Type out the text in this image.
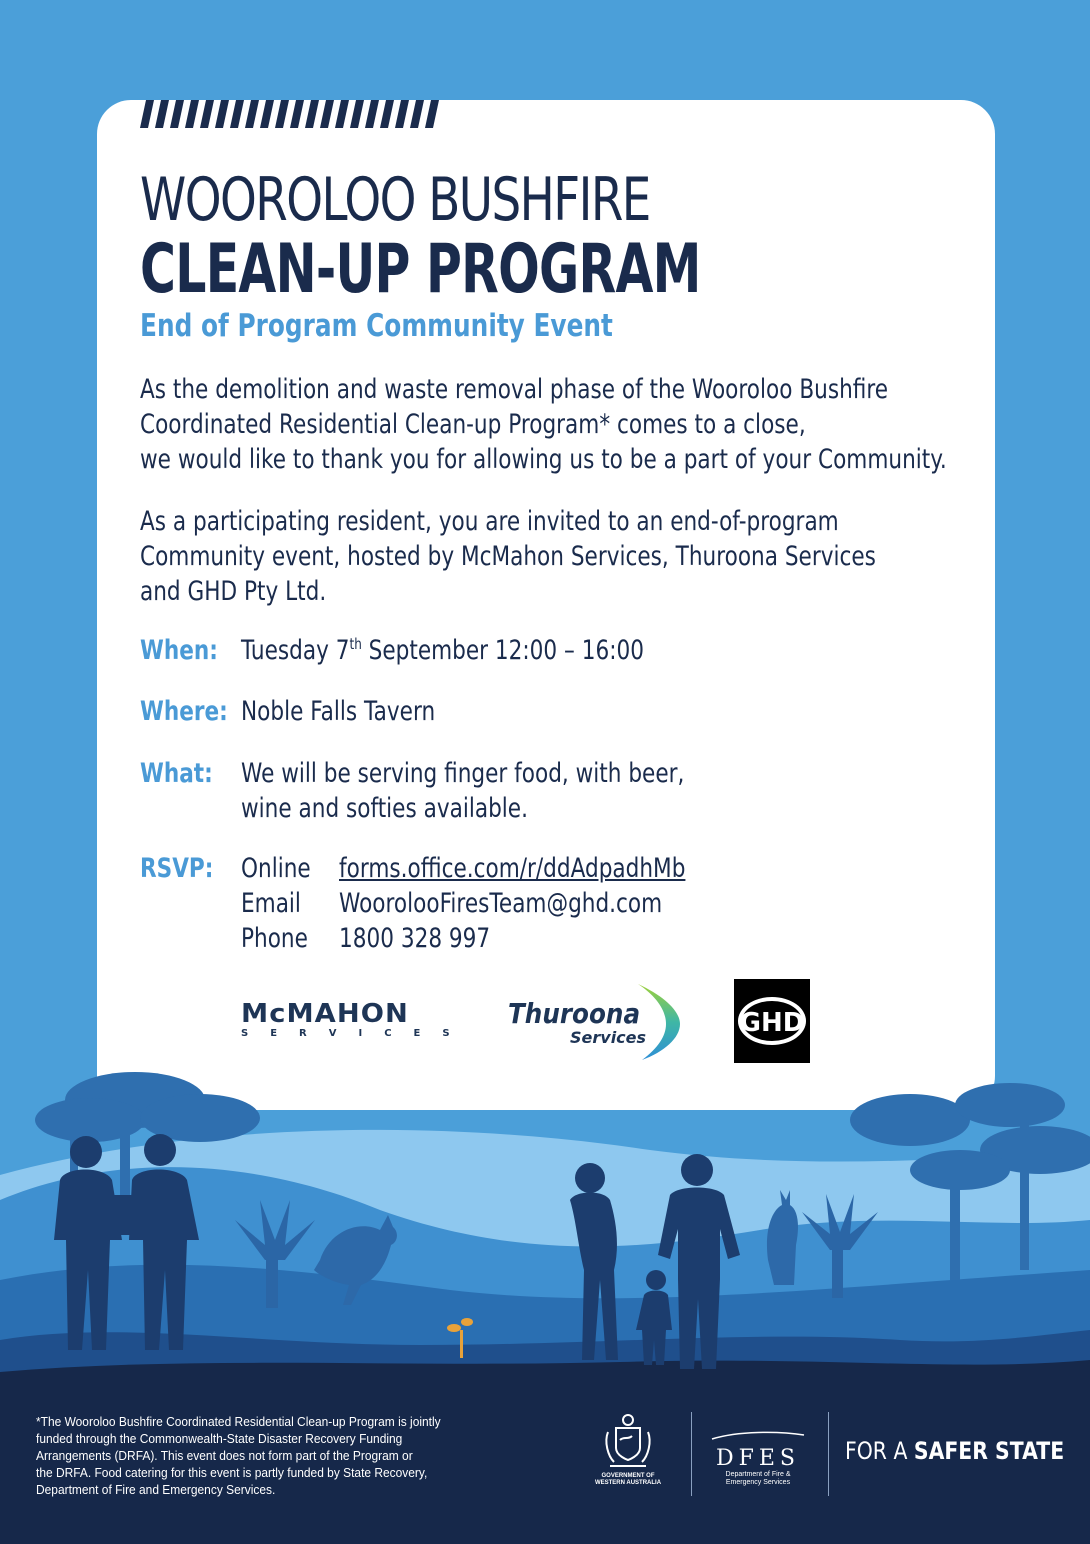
WOOROLOO BUSHFIRE
CLEAN-UP PROGRAM
End of Program Community Event
As the demolition and waste removal phase of the Wooroloo Bushfire
Coordinated Residential Clean-up Program* comes to a close,
we would like to thank you for allowing us to be a part of your Community.
As a participating resident, you are invited to an end-of-program
Community event, hosted by McMahon Services, Thuroona Services
and GHD Pty Ltd.
When: Tuesday 7th September 12:00 – 16:00
Where: Noble Falls Tavern
What: We will be serving finger food, with beer,
wine and softies available.
RSVP: Online forms.office.com/r/ddAdpadhMb
Email WoorolooFiresTeam@ghd.com
Phone 1800 328 997
McMAHON
SERVICES
Thuroona
Services	GHD
*The Wooroloo Bushfire Coordinated Residential Clean-up Program is jointly
funded through the Commonwealth-State Disaster Recovery Funding
Arrangements (DRFA). This event does not form part of the Program or
the DRFA. Food catering for this event is partly funded by State Recovery,
Department of Fire and Emergency Services.
GOVERNMENT OF
WESTERN AUSTRALIA
DFES
Department of Fire &
Emergency Services
FOR A SAFER STATE
